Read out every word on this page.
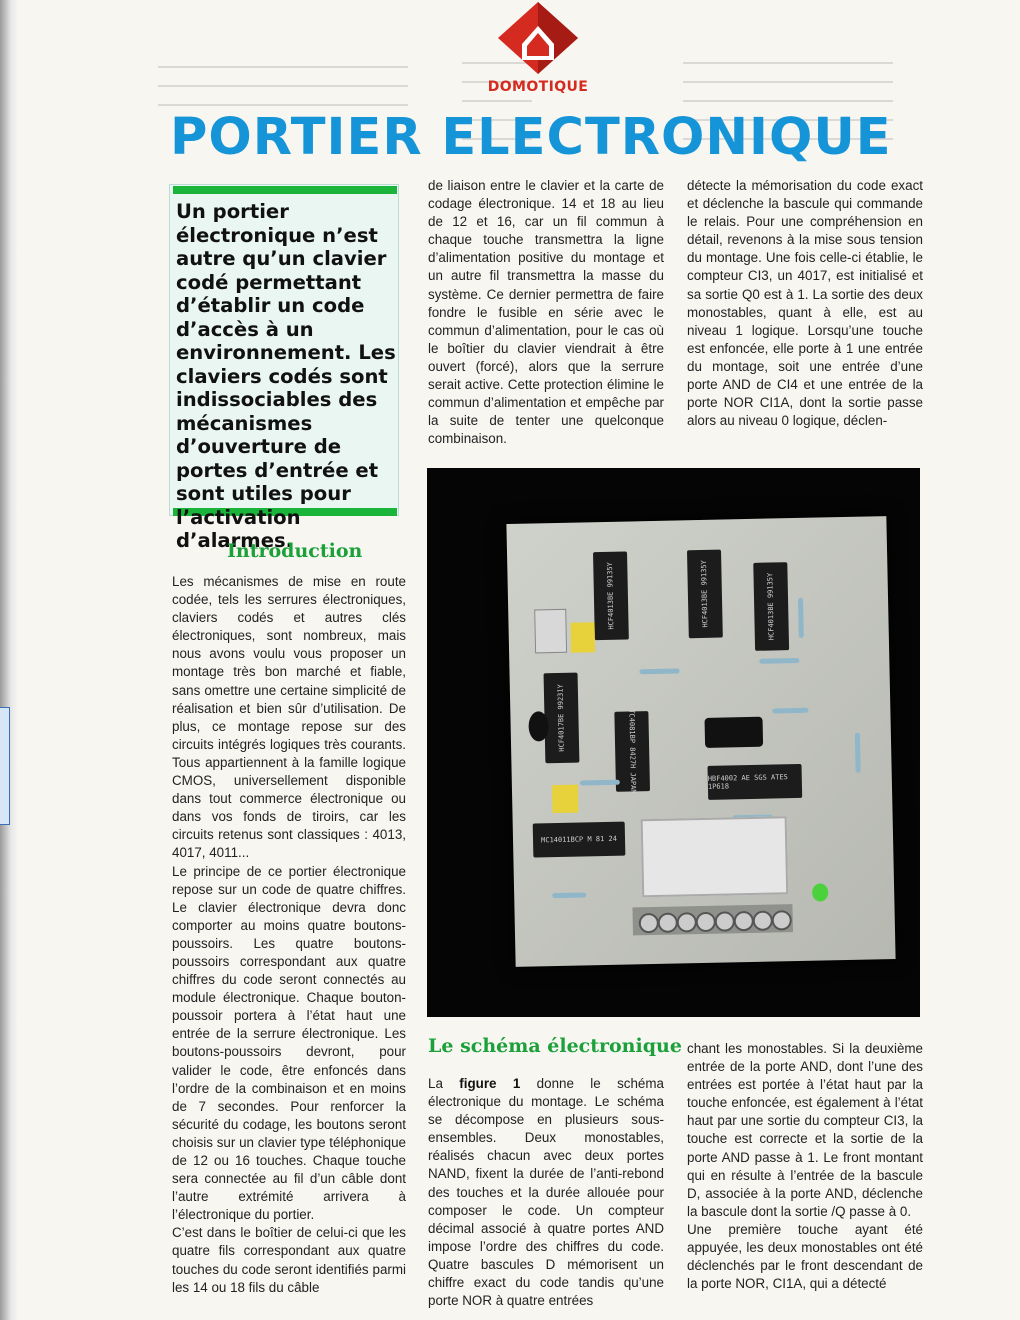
DOMOTIQUE
PORTIER ELECTRONIQUE
Un portier électronique n’est autre qu’un clavier codé permettant d’établir un code d’accès à un environnement. Les claviers codés sont indissociables des mécanismes d’ouverture de portes d’entrée et sont utiles pour l’activation d’alarmes.
Introduction

Les mécanismes de mise en route codée, tels les serrures électroniques, claviers codés et autres clés électroniques, sont nombreux, mais nous avons voulu vous proposer un montage très bon marché et fiable, sans omettre une certaine simplicité de réalisation et bien sûr d’utilisation. De plus, ce montage repose sur des circuits intégrés logiques très courants. Tous appartiennent à la famille logique CMOS, universellement disponible dans tout commerce électronique ou dans vos fonds de tiroirs, car les circuits retenus sont classiques : 4013, 4017, 4011...

Le principe de ce portier électronique repose sur un code de quatre chiffres. Le clavier électronique devra donc comporter au moins quatre boutons-poussoirs. Les quatre boutons-poussoirs correspondant aux quatre chiffres du code seront connectés au module électronique. Chaque bouton-poussoir portera à l’état haut une entrée de la serrure électronique. Les boutons-poussoirs devront, pour valider le code, être enfoncés dans l’ordre de la combinaison et en moins de 7 secondes. Pour renforcer la sécurité du codage, les boutons seront choisis sur un clavier type téléphonique de 12 ou 16 touches. Chaque touche sera connectée au fil d’un câble dont l’autre extrémité arrivera à l’électronique du portier.

C’est dans le boîtier de celui-ci que les quatre fils correspondant aux quatre touches du code seront identifiés parmi les 14 ou 18 fils du câble

de liaison entre le clavier et la carte de codage électronique. 14 et 18 au lieu de 12 et 16, car un fil commun à chaque touche transmettra la ligne d’alimentation positive du montage et un autre fil transmettra la masse du système. Ce dernier permettra de faire fondre le fusible en série avec le commun d’alimentation, pour le cas où le boîtier du clavier viendrait à être ouvert (forcé), alors que la serrure serait active. Cette protection élimine le commun d’alimentation et empêche par la suite de tenter une quelconque combinaison.

détecte la mémorisation du code exact et déclenche la bascule qui commande le relais. Pour une compréhension en détail, revenons à la mise sous tension du montage. Une fois celle-ci établie, le compteur CI3, un 4017, est initialisé et sa sortie Q0 est à 1. La sortie des deux monostables, quant à elle, est au niveau 1 logique. Lorsqu’une touche est enfoncée, elle porte à 1 une entrée du montage, soit une entrée d’une porte AND de CI4 et une entrée de la porte NOR CI1A, dont la sortie passe alors au niveau 0 logique, déclen-

HCF4013BE 99135Y	HCF4013BE 99135Y	HCF4013BE 99135Y
HCF4017BE 99231Y	TC4081BP 8427H JAPAN	HBF4002 AE SGS ATES 1P618
MC14011BCP M 81 24
Le schéma électronique

La figure 1 donne le schéma électronique du montage. Le schéma se décompose en plusieurs sous-ensembles. Deux monostables, réalisés chacun avec deux portes NAND, fixent la durée de l’anti-rebond des touches et la durée allouée pour composer le code. Un compteur décimal associé à quatre portes AND impose l’ordre des chiffres du code. Quatre bascules D mémorisent un chiffre exact du code tandis qu’une porte NOR à quatre entrées

chant les monostables. Si la deuxième entrée de la porte AND, dont l’une des entrées est portée à l’état haut par la touche enfoncée, est également à l’état haut par une sortie du compteur CI3, la touche est correcte et la sortie de la porte AND passe à 1. Le front montant qui en résulte à l’entrée de la bascule D, associée à la porte AND, déclenche la bascule dont la sortie /Q passe à 0.

Une première touche ayant été appuyée, les deux monostables ont été déclenchés par le front descendant de la porte NOR, CI1A, qui a détecté
